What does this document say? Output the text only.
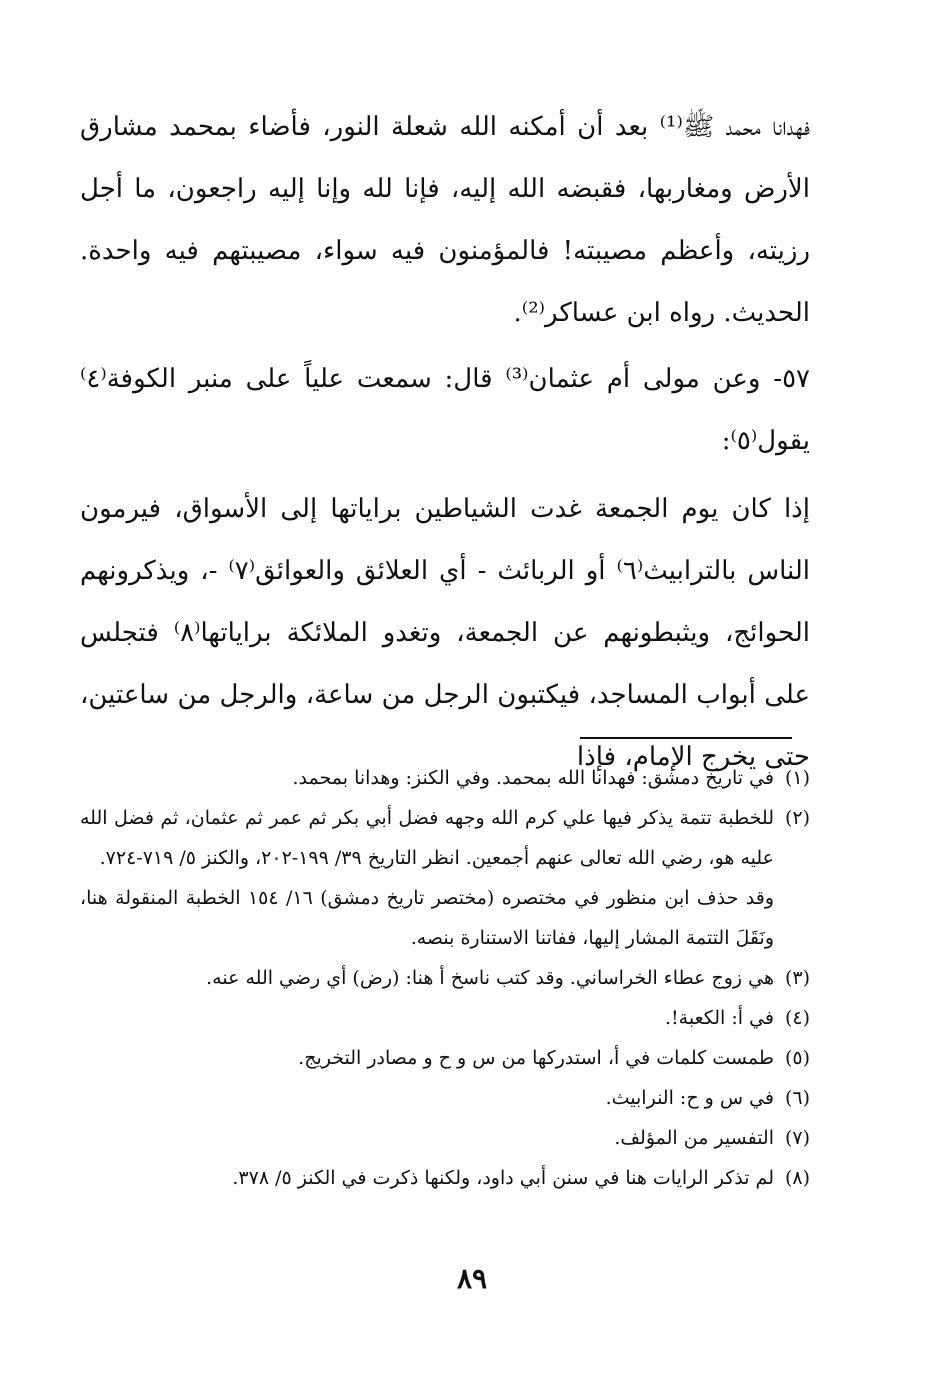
فهدانا محمد ﷺ⁽¹⁾ بعد أن أمكنه الله شعلة النور، فأضاء بمحمد مشارق الأرض ومغاربها، فقبضه الله إليه، فإنا لله وإنا إليه راجعون، ما أجل رزيته، وأعظم مصيبته! فالمؤمنون فيه سواء، مصيبتهم فيه واحدة. الحديث. رواه ابن عساكر⁽²⁾.

٥٧- وعن مولى أم عثمان⁽³⁾ قال: سمعت علياً على منبر الكوفة⁽٤⁾ يقول⁽٥⁾:

إذا كان يوم الجمعة غدت الشياطين براياتها إلى الأسواق، فيرمون الناس بالترابيث⁽٦⁾ أو الربائث - أي العلائق والعوائق⁽٧⁾ -، ويذكرونهم الحوائج، ويثبطونهم عن الجمعة، وتغدو الملائكة براياتها⁽٨⁾ فتجلس على أبواب المساجد، فيكتبون الرجل من ساعة، والرجل من ساعتين، حتى يخرج الإمام، فإذا

(١)
في تاريخ دمشق: فهدانا الله بمحمد. وفي الكنز: وهدانا بمحمد.

(٢)
للخطبة تتمة يذكر فيها علي كرم الله وجهه فضل أبي بكر ثم عمر ثم عثمان، ثم فضل الله عليه هو، رضي الله تعالى عنهم أجمعين. انظر التاريخ ٣٩/ ١٩٩-٢٠٢، والكنز ٥/ ٧١٩-٧٢٤.

وقد حذف ابن منظور في مختصره (مختصر تاريخ دمشق) ١٦/ ١٥٤ الخطبة المنقولة هنا، ونَقَلَ التتمة المشار إليها، ففاتنا الاستنارة بنصه.

(٣)
هي زوج عطاء الخراساني. وقد كتب ناسخ أ هنا: (رض) أي رضي الله عنه.

(٤)
في أ: الكعبة!.

(٥)
طمست كلمات في أ، استدركها من س و ح و مصادر التخريج.

(٦)
في س و ح: النرابيث.

(٧)
التفسير من المؤلف.

(٨)
لم تذكر الرايات هنا في سنن أبي داود، ولكنها ذكرت في الكنز ٥/ ٣٧٨.

٨٩
